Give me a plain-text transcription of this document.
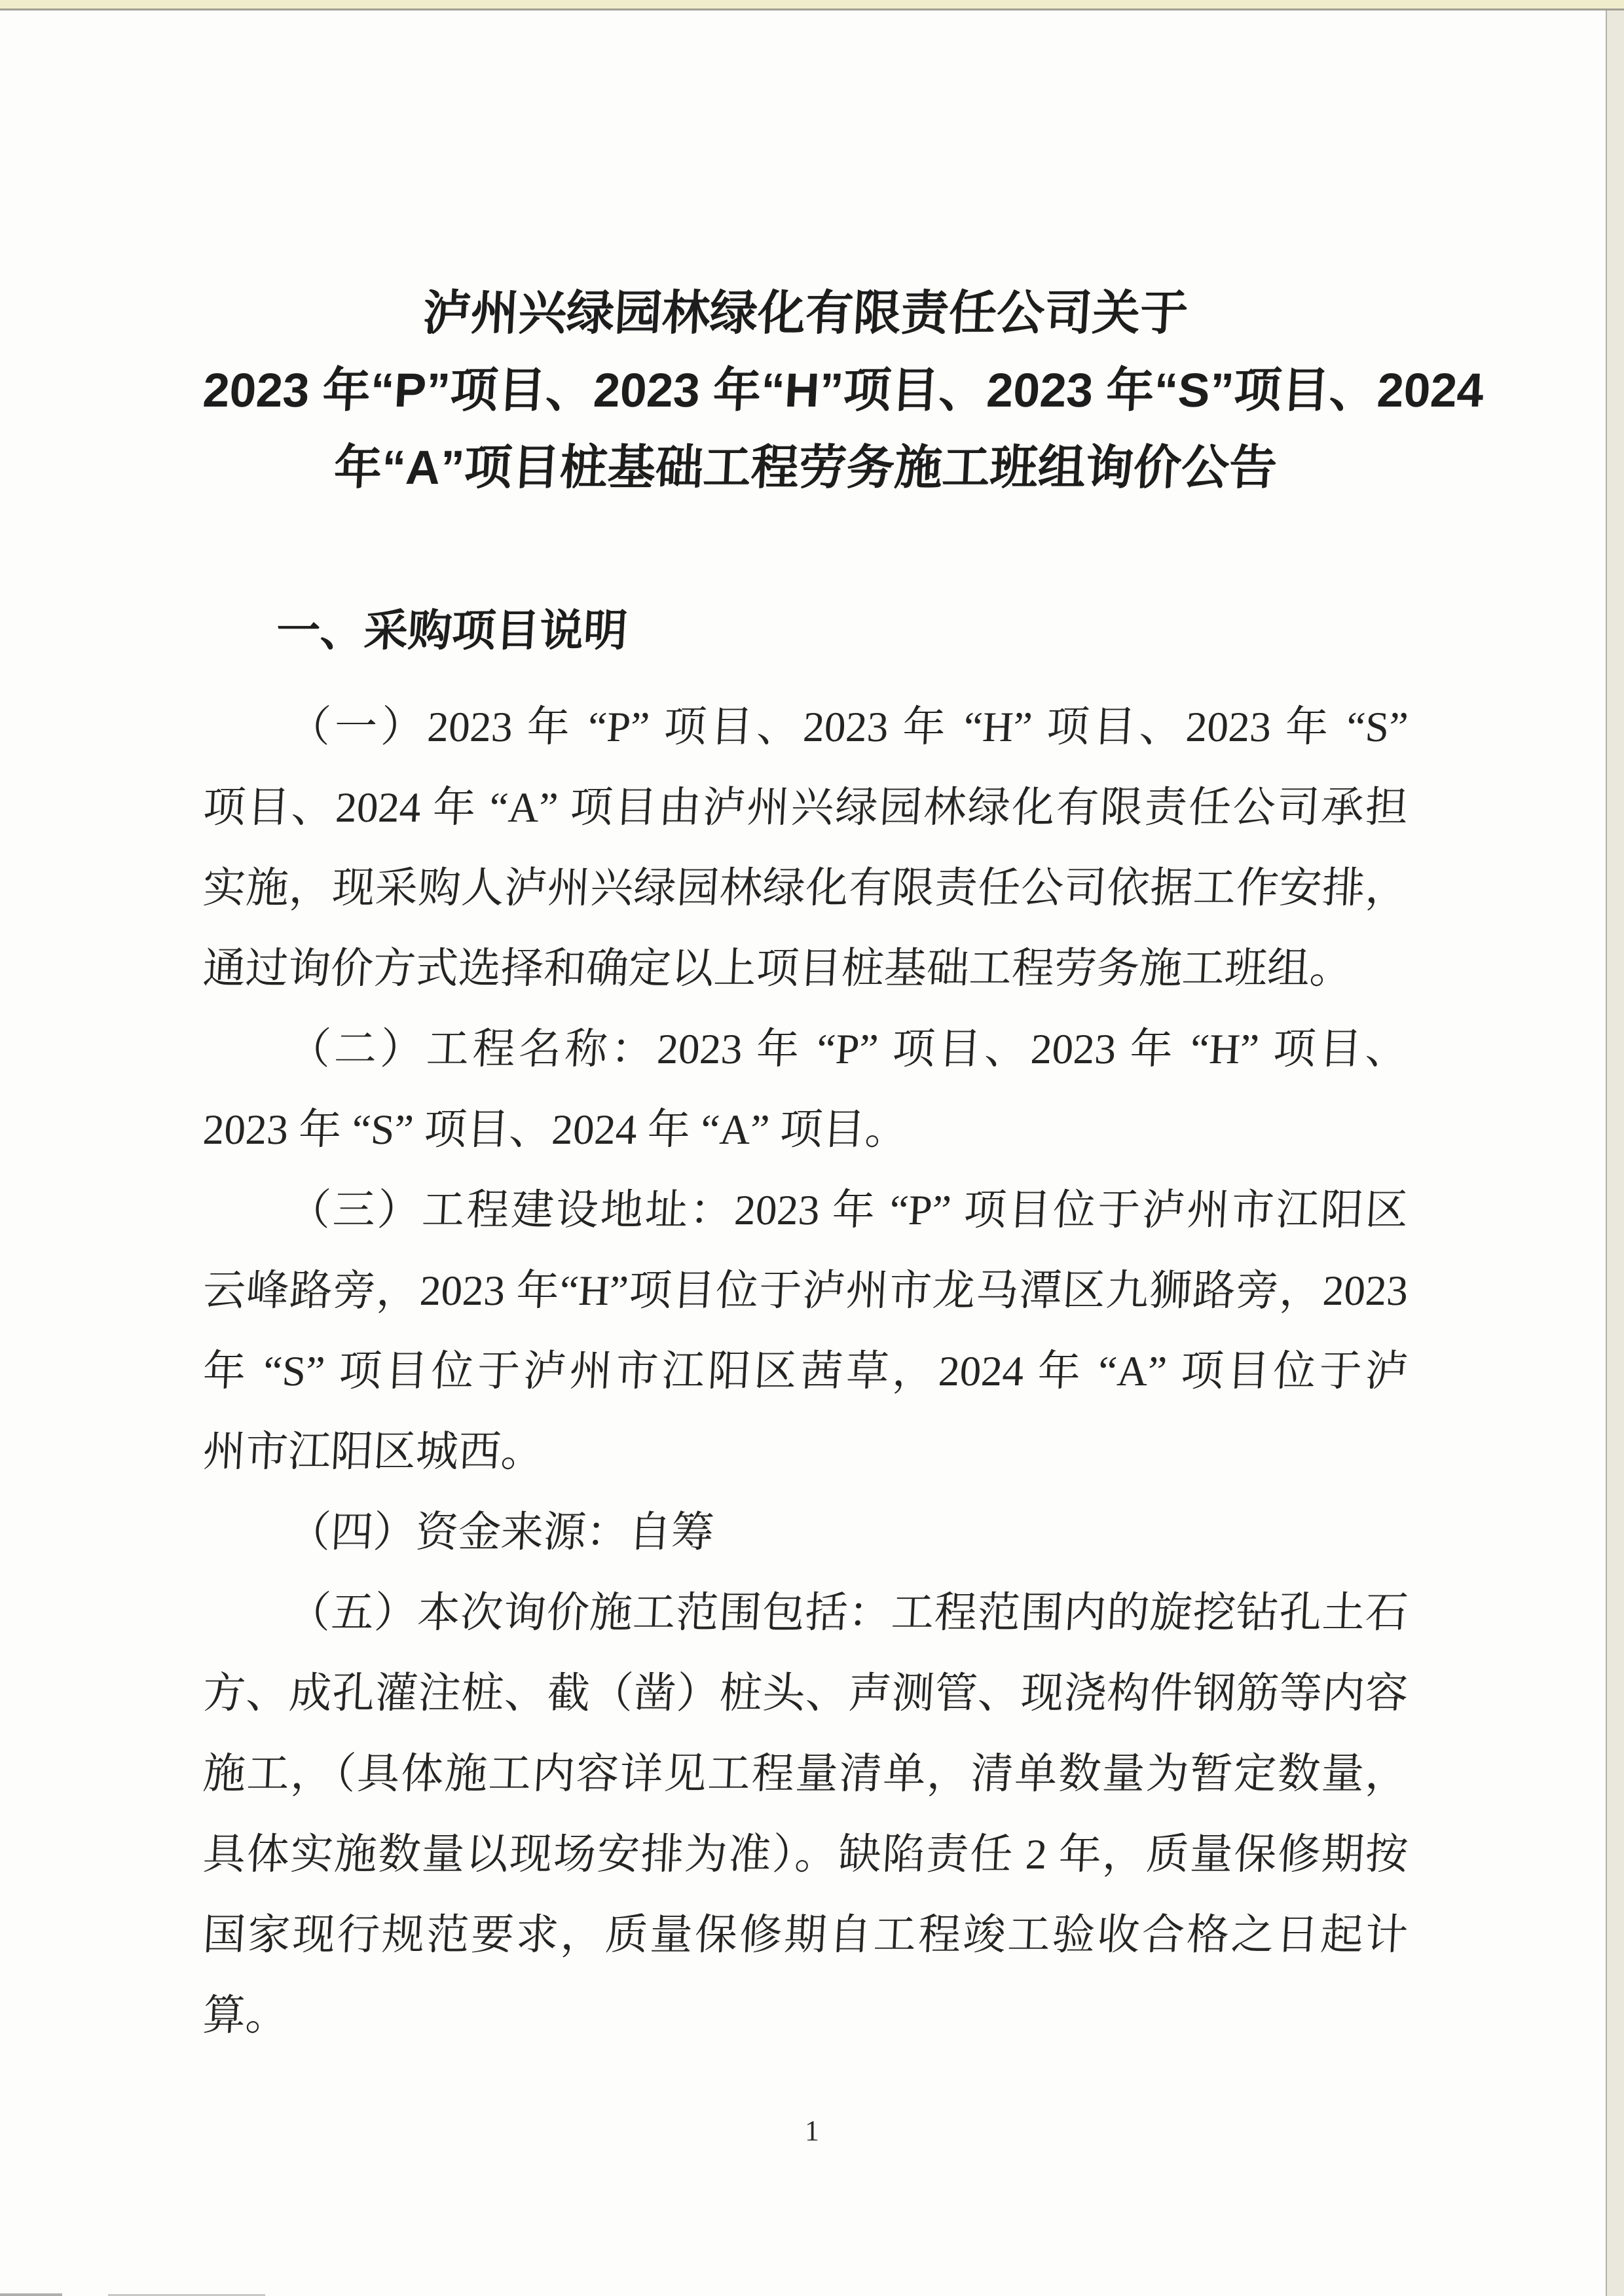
泸州兴绿园林绿化有限责任公司关于
2023 年“P”项目、2023 年“H”项目、2023 年“S”项目、2024
年“A”项目桩基础工程劳务施工班组询价公告
一、采购项目说明
（一）2023 年 “P” 项目、2023 年 “H” 项目、2023 年 “S”
项目、2024 年 “A” 项目由泸州兴绿园林绿化有限责任公司承担
实施，现采购人泸州兴绿园林绿化有限责任公司依据工作安排，
通过询价方式选择和确定以上项目桩基础工程劳务施工班组。
（二）工程名称：2023 年 “P” 项目、2023 年 “H” 项目、
2023 年 “S” 项目、2024 年 “A” 项目。
（三）工程建设地址：2023 年 “P” 项目位于泸州市江阳区
云峰路旁，2023 年“H”项目位于泸州市龙马潭区九狮路旁，2023
年 “S” 项目位于泸州市江阳区茜草，2024 年 “A” 项目位于泸
州市江阳区城西。
（四）资金来源：自筹
（五）本次询价施工范围包括：工程范围内的旋挖钻孔土石
方、成孔灌注桩、截（凿）桩头、声测管、现浇构件钢筋等内容
施工，（具体施工内容详见工程量清单，清单数量为暂定数量，
具体实施数量以现场安排为准）。缺陷责任 2 年，质量保修期按
国家现行规范要求，质量保修期自工程竣工验收合格之日起计
算。
1
